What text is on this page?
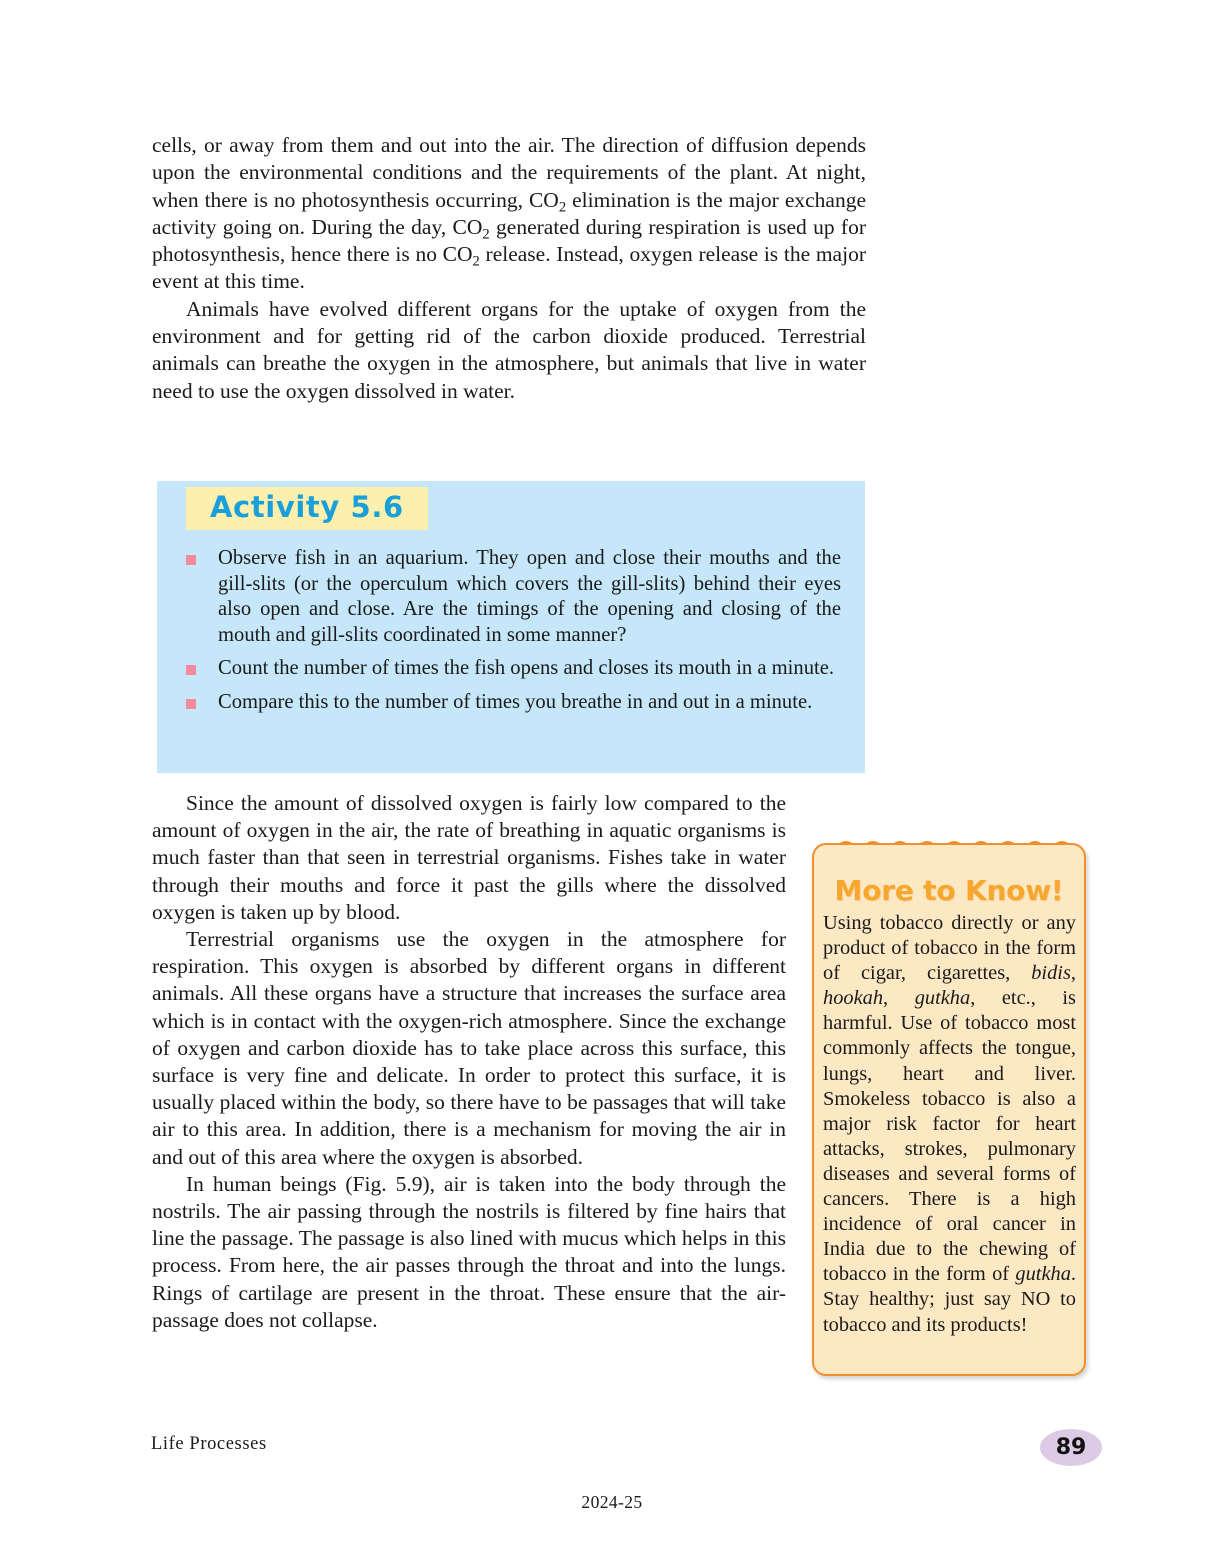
cells, or away from them and out into the air. The direction of diffusion depends upon the environmental conditions and the requirements of the plant. At night, when there is no photosynthesis occurring, $CO_2$ elimination is the major exchange activity going on. During the day, $CO_2$ generated during respiration is used up for photosynthesis, hence there is no $CO_2$ release. Instead, oxygen release is the major event at this time.

Animals have evolved different organs for the uptake of oxygen from the environment and for getting rid of the carbon dioxide produced. Terrestrial animals can breathe the oxygen in the atmosphere, but animals that live in water need to use the oxygen dissolved in water.

Activity 5.6
Observe fish in an aquarium. They open and close their mouths and the gill-slits (or the operculum which covers the gill-slits) behind their eyes also open and close. Are the timings of the opening and closing of the mouth and gill-slits coordinated in some manner?
Count the number of times the fish opens and closes its mouth in a minute.
Compare this to the number of times you breathe in and out in a minute.

Since the amount of dissolved oxygen is fairly low compared to the amount of oxygen in the air, the rate of breathing in aquatic organisms is much faster than that seen in terrestrial organisms. Fishes take in water through their mouths and force it past the gills where the dissolved oxygen is taken up by blood.

Terrestrial organisms use the oxygen in the atmosphere for respiration. This oxygen is absorbed by different organs in different animals. All these organs have a structure that increases the surface area which is in contact with the oxygen-rich atmosphere. Since the exchange of oxygen and carbon dioxide has to take place across this surface, this surface is very fine and delicate. In order to protect this surface, it is usually placed within the body, so there have to be passages that will take air to this area. In addition, there is a mechanism for moving the air in and out of this area where the oxygen is absorbed.

In human beings (Fig. 5.9), air is taken into the body through the nostrils. The air passing through the nostrils is filtered by fine hairs that line the passage. The passage is also lined with mucus which helps in this process. From here, the air passes through the throat and into the lungs. Rings of cartilage are present in the throat. These ensure that the air-passage does not collapse.

More to Know!

Using tobacco directly or any product of tobacco in the form of cigar, cigarettes, bidis, hookah, gutkha, etc., is harmful. Use of tobacco most commonly affects the tongue, lungs, heart and liver. Smokeless tobacco is also a major risk factor for heart attacks, strokes, pulmonary diseases and several forms of cancers. There is a high incidence of oral cancer in India due to the chewing of tobacco in the form of gutkha. Stay healthy; just say NO to tobacco and its products!

Life Processes	89
2024-25
